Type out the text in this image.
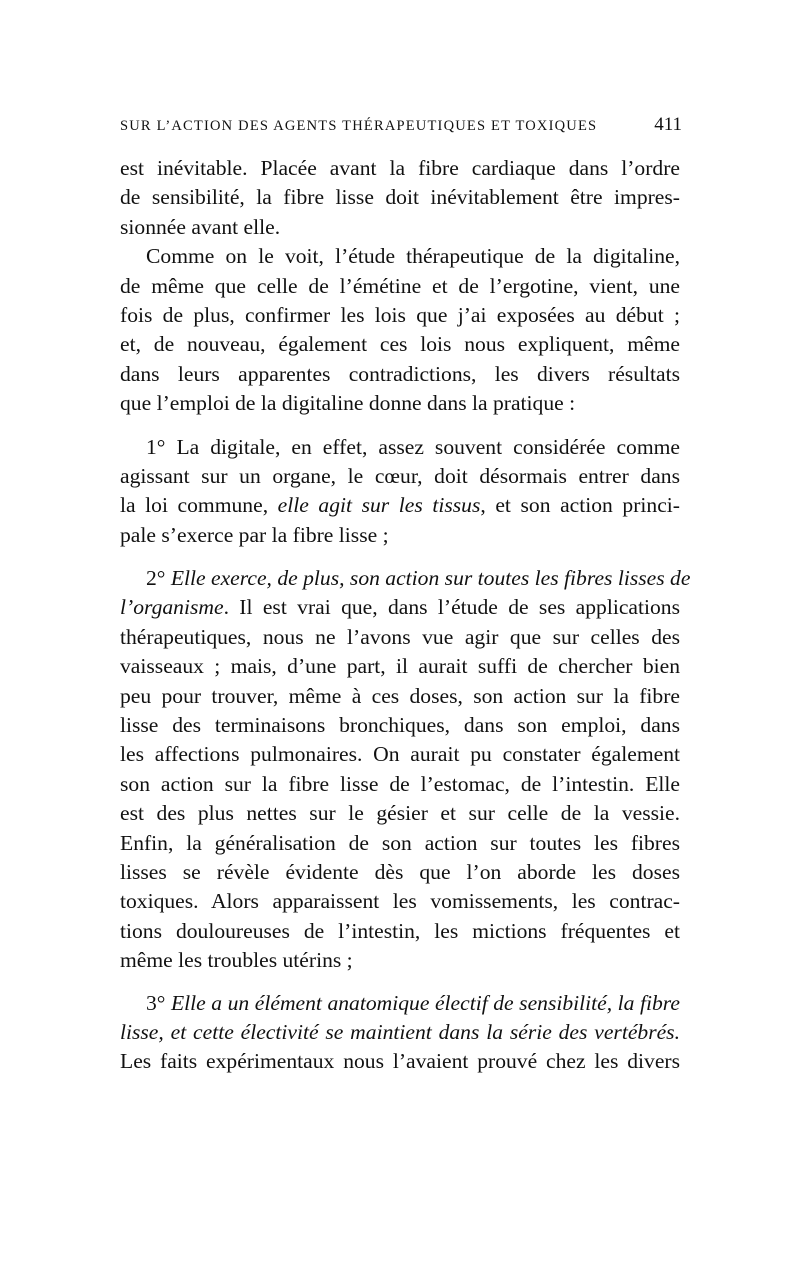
SUR L’ACTION DES AGENTS THÉRAPEUTIQUES ET TOXIQUES	411
est inévitable. Placée avant la fibre cardiaque dans l’ordre
de sensibilité, la fibre lisse doit inévitablement être impres-
sionnée avant elle.
Comme on le voit, l’étude thérapeutique de la digitaline,
de même que celle de l’émétine et de l’ergotine, vient, une
fois de plus, confirmer les lois que j’ai exposées au début ;
et, de nouveau, également ces lois nous expliquent, même
dans leurs apparentes contradictions, les divers résultats
que l’emploi de la digitaline donne dans la pratique :
1° La digitale, en effet, assez souvent considérée comme
agissant sur un organe, le cœur, doit désormais entrer dans
la loi commune, elle agit sur les tissus, et son action princi-
pale s’exerce par la fibre lisse ;
2° Elle exerce, de plus, son action sur toutes les fibres lisses de
l’organisme. Il est vrai que, dans l’étude de ses applications
thérapeutiques, nous ne l’avons vue agir que sur celles des
vaisseaux ; mais, d’une part, il aurait suffi de chercher bien
peu pour trouver, même à ces doses, son action sur la fibre
lisse des terminaisons bronchiques, dans son emploi, dans
les affections pulmonaires. On aurait pu constater également
son action sur la fibre lisse de l’estomac, de l’intestin. Elle
est des plus nettes sur le gésier et sur celle de la vessie.
Enfin, la généralisation de son action sur toutes les fibres
lisses se révèle évidente dès que l’on aborde les doses
toxiques. Alors apparaissent les vomissements, les contrac-
tions douloureuses de l’intestin, les mictions fréquentes et
même les troubles utérins ;
3° Elle a un élément anatomique électif de sensibilité, la fibre
lisse, et cette électivité se maintient dans la série des vertébrés.
Les faits expérimentaux nous l’avaient prouvé chez les divers
